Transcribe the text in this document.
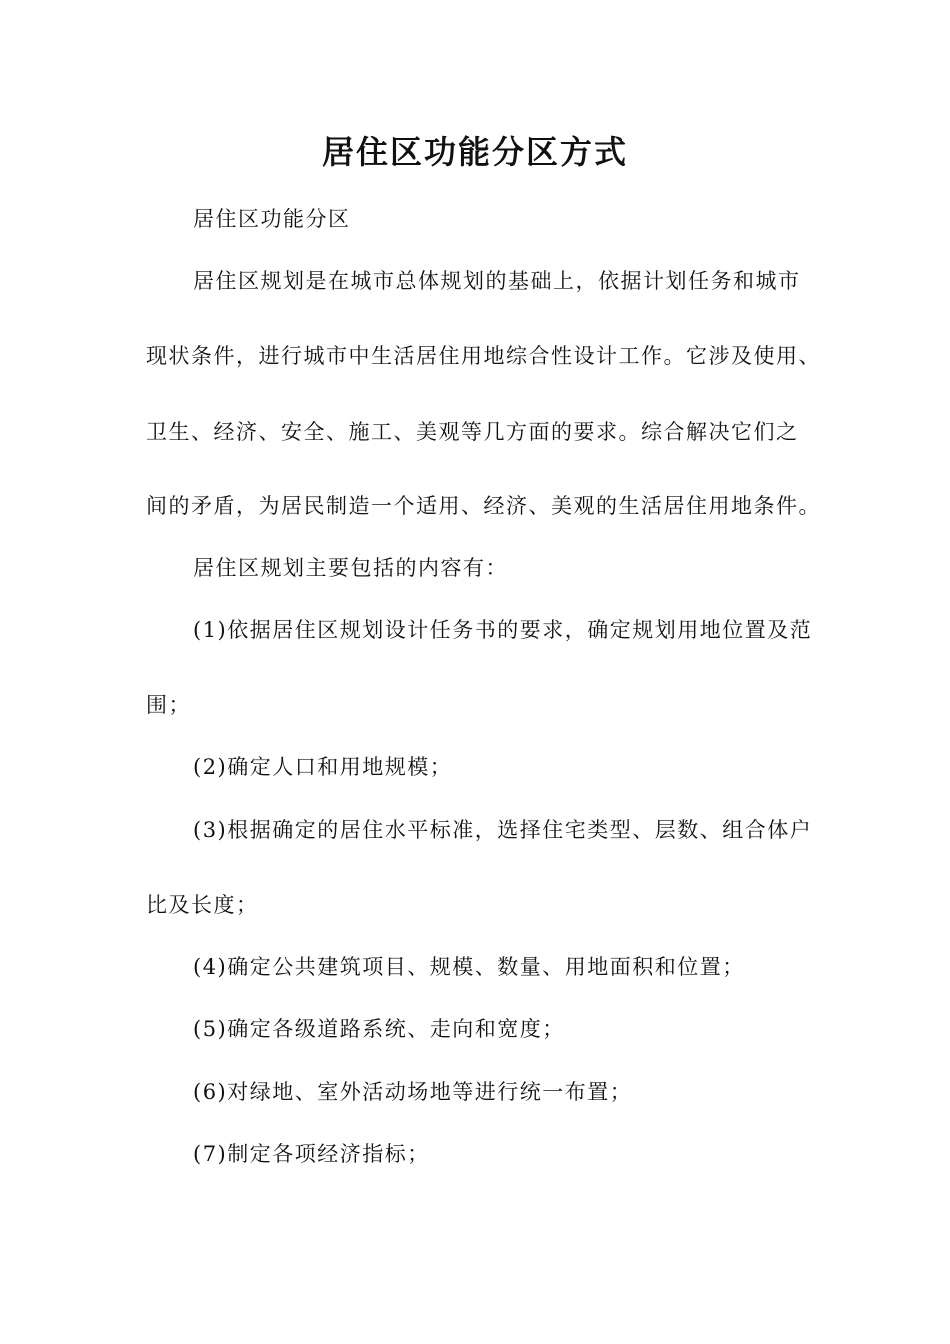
居住区功能分区方式
居住区功能分区
居住区规划是在城市总体规划的基础上，依据计划任务和城市
现状条件，进行城市中生活居住用地综合性设计工作。它涉及使用、
卫生、经济、安全、施工、美观等几方面的要求。综合解决它们之
间的矛盾，为居民制造一个适用、经济、美观的生活居住用地条件。
居住区规划主要包括的内容有：
(1)依据居住区规划设计任务书的要求，确定规划用地位置及范
围；
(2)确定人口和用地规模；
(3)根据确定的居住水平标准，选择住宅类型、层数、组合体户
比及长度；
(4)确定公共建筑项目、规模、数量、用地面积和位置；
(5)确定各级道路系统、走向和宽度；
(6)对绿地、室外活动场地等进行统一布置；
(7)制定各项经济指标；
